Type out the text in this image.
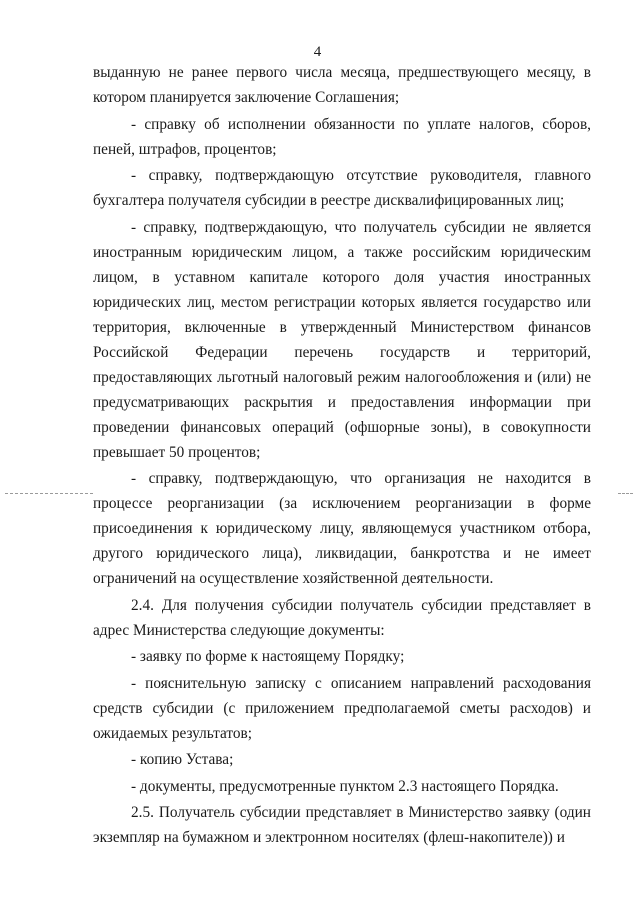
4

выданную не ранее первого числа месяца, предшествующего месяцу, в котором планируется заключение Соглашения;

- справку об исполнении обязанности по уплате налогов, сборов, пеней, штрафов, процентов;

- справку, подтверждающую отсутствие руководителя, главного бухгалтера получателя субсидии в реестре дисквалифицированных лиц;

- справку, подтверждающую, что получатель субсидии не является иностранным юридическим лицом, а также российским юридическим лицом, в уставном капитале которого доля участия иностранных юридических лиц, местом регистрации которых является государство или территория, включенные в утвержденный Министерством финансов Российской Федерации перечень государств и территорий, предоставляющих льготный налоговый режим налогообложения и (или) не предусматривающих раскрытия и предоставления информации при проведении финансовых операций (офшорные зоны), в совокупности превышает 50 процентов;

- справку, подтверждающую, что организация не находится в процессе реорганизации (за исключением реорганизации в форме присоединения к юридическому лицу, являющемуся участником отбора, другого юридического лица), ликвидации, банкротства и не имеет ограничений на осуществление хозяйственной деятельности.

2.4. Для получения субсидии получатель субсидии представляет в адрес Министерства следующие документы:

- заявку по форме к настоящему Порядку;

- пояснительную записку с описанием направлений расходования средств субсидии (с приложением предполагаемой сметы расходов) и ожидаемых результатов;

- копию Устава;

- документы, предусмотренные пунктом 2.3 настоящего Порядка.

2.5. Получатель субсидии представляет в Министерство заявку (один экземпляр на бумажном и электронном носителях (флеш-накопителе)) и
